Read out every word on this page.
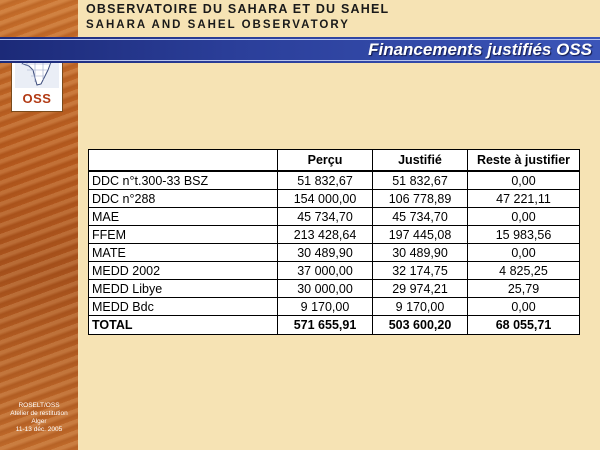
OSS
ROSELT/OSS
Atelier de restitution
Alger
11-13 déc. 2005
OBSERVATOIRE DU SAHARA ET DU SAHEL
SAHARA AND SAHEL OBSERVATORY
Financements justifiés OSS
	Perçu	Justifié	Reste à justifier
DDC n°t.300-33 BSZ	51 832,67	51 832,67	0,00
DDC n°288	154 000,00	106 778,89	47 221,11
MAE	45 734,70	45 734,70	0,00
FFEM	213 428,64	197 445,08	15 983,56
MATE	30 489,90	30 489,90	0,00
MEDD 2002	37 000,00	32 174,75	4 825,25
MEDD Libye	30 000,00	29 974,21	25,79
MEDD Bdc	9 170,00	9 170,00	0,00
TOTAL	571 655,91	503 600,20	68 055,71
